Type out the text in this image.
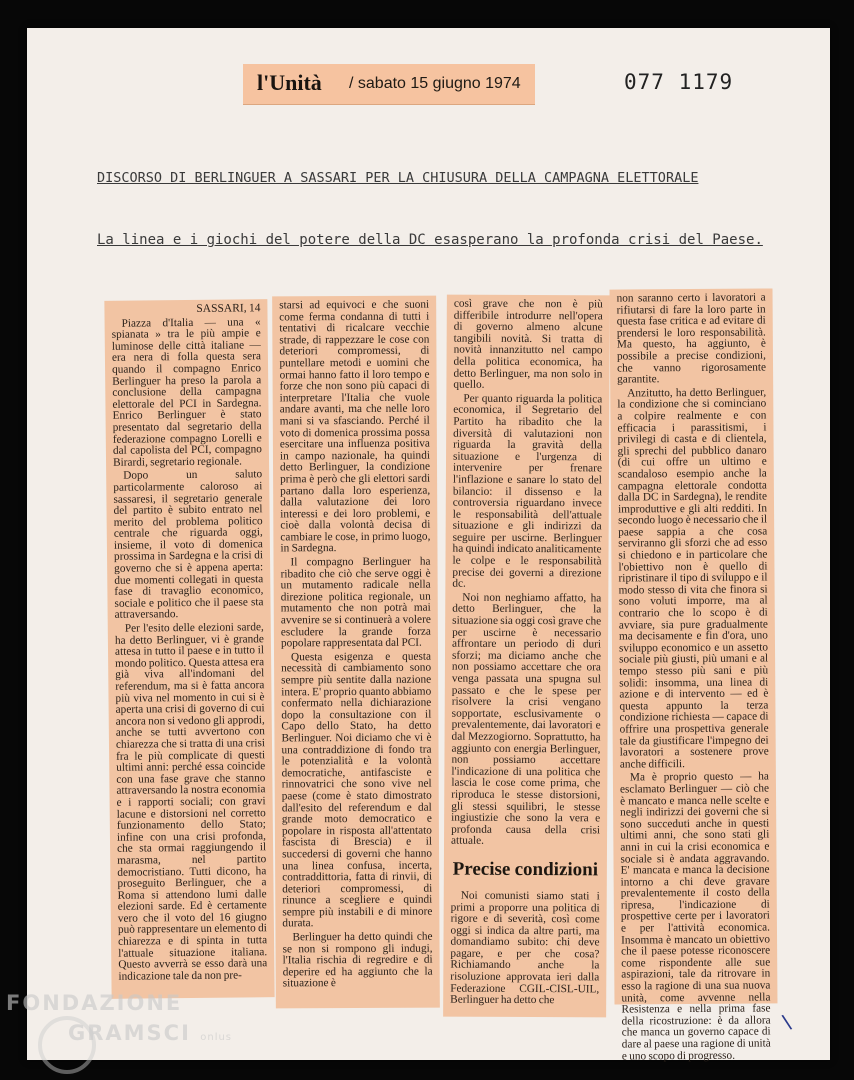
l'Unità / sabato 15 giugno 1974	077 1179
DISCORSO DI BERLINGUER A SASSARI PER LA CHIUSURA DELLA CAMPAGNA ELETTORALE
La linea e i giochi del potere della DC esasperano la profonda crisi del Paese.
SASSARI, 14

Piazza d'Italia — una « spianata » tra le più ampie e luminose delle città italiane — era nera di folla questa sera quando il compagno Enrico Berlinguer ha preso la parola a conclusione della campagna elettorale del PCI in Sardegna. Enrico Berlinguer è stato presentato dal segretario della federazione compagno Lorelli e dal capolista del PCI, compagno Birardi, segretario regionale.

Dopo un saluto particolarmente caloroso ai sassaresi, il segretario generale del partito è subito entrato nel merito del problema politico centrale che riguarda oggi, insieme, il voto di domenica prossima in Sardegna e la crisi di governo che si è appena aperta: due momenti collegati in questa fase di travaglio economico, sociale e politico che il paese sta attraversando.

Per l'esito delle elezioni sarde, ha detto Berlinguer, vi è grande attesa in tutto il paese e in tutto il mondo politico. Questa attesa era già viva all'indomani del referendum, ma si è fatta ancora più viva nel momento in cui si è aperta una crisi di governo di cui ancora non si vedono gli approdi, anche se tutti avvertono con chiarezza che si tratta di una crisi fra le più complicate di questi ultimi anni: perché essa coincide con una fase grave che stanno attraversando la nostra economia e i rapporti sociali; con gravi lacune e distorsioni nel corretto funzionamento dello Stato; infine con una crisi profonda, che sta ormai raggiungendo il marasma, nel partito democristiano. Tutti dicono, ha proseguito Berlinguer, che a Roma si attendono lumi dalle elezioni sarde. Ed è certamente vero che il voto del 16 giugno può rappresentare un elemento di chiarezza e di spinta in tutta l'attuale situazione italiana. Questo avverrà se esso darà una indicazione tale da non pre-

starsi ad equivoci e che suoni come ferma condanna di tutti i tentativi di ricalcare vecchie strade, di rappezzare le cose con deteriori compromessi, di puntellare metodi e uomini che ormai hanno fatto il loro tempo e forze che non sono più capaci di interpretare l'Italia che vuole andare avanti, ma che nelle loro mani si va sfasciando. Perché il voto di domenica prossima possa esercitare una influenza positiva in campo nazionale, ha quindi detto Berlinguer, la condizione prima è però che gli elettori sardi partano dalla loro esperienza, dalla valutazione dei loro interessi e dei loro problemi, e cioè dalla volontà decisa di cambiare le cose, in primo luogo, in Sardegna.

Il compagno Berlinguer ha ribadito che ciò che serve oggi è un mutamento radicale nella direzione politica regionale, un mutamento che non potrà mai avvenire se si continuerà a volere escludere la grande forza popolare rappresentata dal PCI.

Questa esigenza e questa necessità di cambiamento sono sempre più sentite dalla nazione intera. E' proprio quanto abbiamo confermato nella dichiarazione dopo la consultazione con il Capo dello Stato, ha detto Berlinguer. Noi diciamo che vi è una contraddizione di fondo tra le potenzialità e la volontà democratiche, antifasciste e rinnovatrici che sono vive nel paese (come è stato dimostrato dall'esito del referendum e dal grande moto democratico e popolare in risposta all'attentato fascista di Brescia) e il succedersi di governi che hanno una linea confusa, incerta, contraddittoria, fatta di rinvii, di deteriori compromessi, di rinunce a scegliere e quindi sempre più instabili e di minore durata.

Berlinguer ha detto quindi che se non si rompono gli indugi, l'Italia rischia di regredire e di deperire ed ha aggiunto che la situazione è

così grave che non è più differibile introdurre nell'opera di governo almeno alcune tangibili novità. Si tratta di novità innanzitutto nel campo della politica economica, ha detto Berlinguer, ma non solo in quello.

Per quanto riguarda la politica economica, il Segretario del Partito ha ribadito che la diversità di valutazioni non riguarda la gravità della situazione e l'urgenza di intervenire per frenare l'inflazione e sanare lo stato del bilancio: il dissenso e la controversia riguardano invece le responsabilità dell'attuale situazione e gli indirizzi da seguire per uscirne. Berlinguer ha quindi indicato analiticamente le colpe e le responsabilità precise dei governi a direzione dc.

Noi non neghiamo affatto, ha detto Berlinguer, che la situazione sia oggi così grave che per uscirne è necessario affrontare un periodo di duri sforzi; ma diciamo anche che non possiamo accettare che ora venga passata una spugna sul passato e che le spese per risolvere la crisi vengano sopportate, esclusivamente o prevalentemente, dai lavoratori e dal Mezzogiorno. Soprattutto, ha aggiunto con energia Berlinguer, non possiamo accettare l'indicazione di una politica che lascia le cose come prima, che riproduca le stesse distorsioni, gli stessi squilibri, le stesse ingiustizie che sono la vera e profonda causa della crisi attuale.

Precise condizioni

Noi comunisti siamo stati i primi a proporre una politica di rigore e di severità, così come oggi si indica da altre parti, ma domandiamo subito: chi deve pagare, e per che cosa? Richiamando anche la risoluzione approvata ieri dalla Federazione CGIL-CISL-UIL, Berlinguer ha detto che

non saranno certo i lavoratori a rifiutarsi di fare la loro parte in questa fase critica e ad evitare di prendersi le loro responsabilità. Ma questo, ha aggiunto, è possibile a precise condizioni, che vanno rigorosamente garantite.

Anzitutto, ha detto Berlinguer, la condizione che si cominciano a colpire realmente e con efficacia i parassitismi, i privilegi di casta e di clientela, gli sprechi del pubblico danaro (di cui offre un ultimo e scandaloso esempio anche la campagna elettorale condotta dalla DC in Sardegna), le rendite improduttive e gli alti redditi. In secondo luogo è necessario che il paese sappia a che cosa serviranno gli sforzi che ad esso si chiedono e in particolare che l'obiettivo non è quello di ripristinare il tipo di sviluppo e il modo stesso di vita che finora si sono voluti imporre, ma al contrario che lo scopo è di avviare, sia pure gradualmente ma decisamente e fin d'ora, uno sviluppo economico e un assetto sociale più giusti, più umani e al tempo stesso più sani e più solidi: insomma, una linea di azione e di intervento — ed è questa appunto la terza condizione richiesta — capace di offrire una prospettiva generale tale da giustificare l'impegno dei lavoratori a sostenere prove anche difficili.

Ma è proprio questo — ha esclamato Berlinguer — ciò che è mancato e manca nelle scelte e negli indirizzi dei governi che si sono succeduti anche in questi ultimi anni, che sono stati gli anni in cui la crisi economica e sociale si è andata aggravando. E' mancata e manca la decisione intorno a chi deve gravare prevalentemente il costo della ripresa, l'indicazione di prospettive certe per i lavoratori e per l'attività economica. Insomma è mancato un obiettivo che il paese potesse riconoscere come rispondente alle sue aspirazioni, tale da ritrovare in esso la ragione di una sua nuova unità, come avvenne nella Resistenza e nella prima fase della ricostruzione: è da allora che manca un governo capace di dare al paese una ragione di unità e uno scopo di progresso.

\
FONDAZIONE
GRAMSCI onlus
